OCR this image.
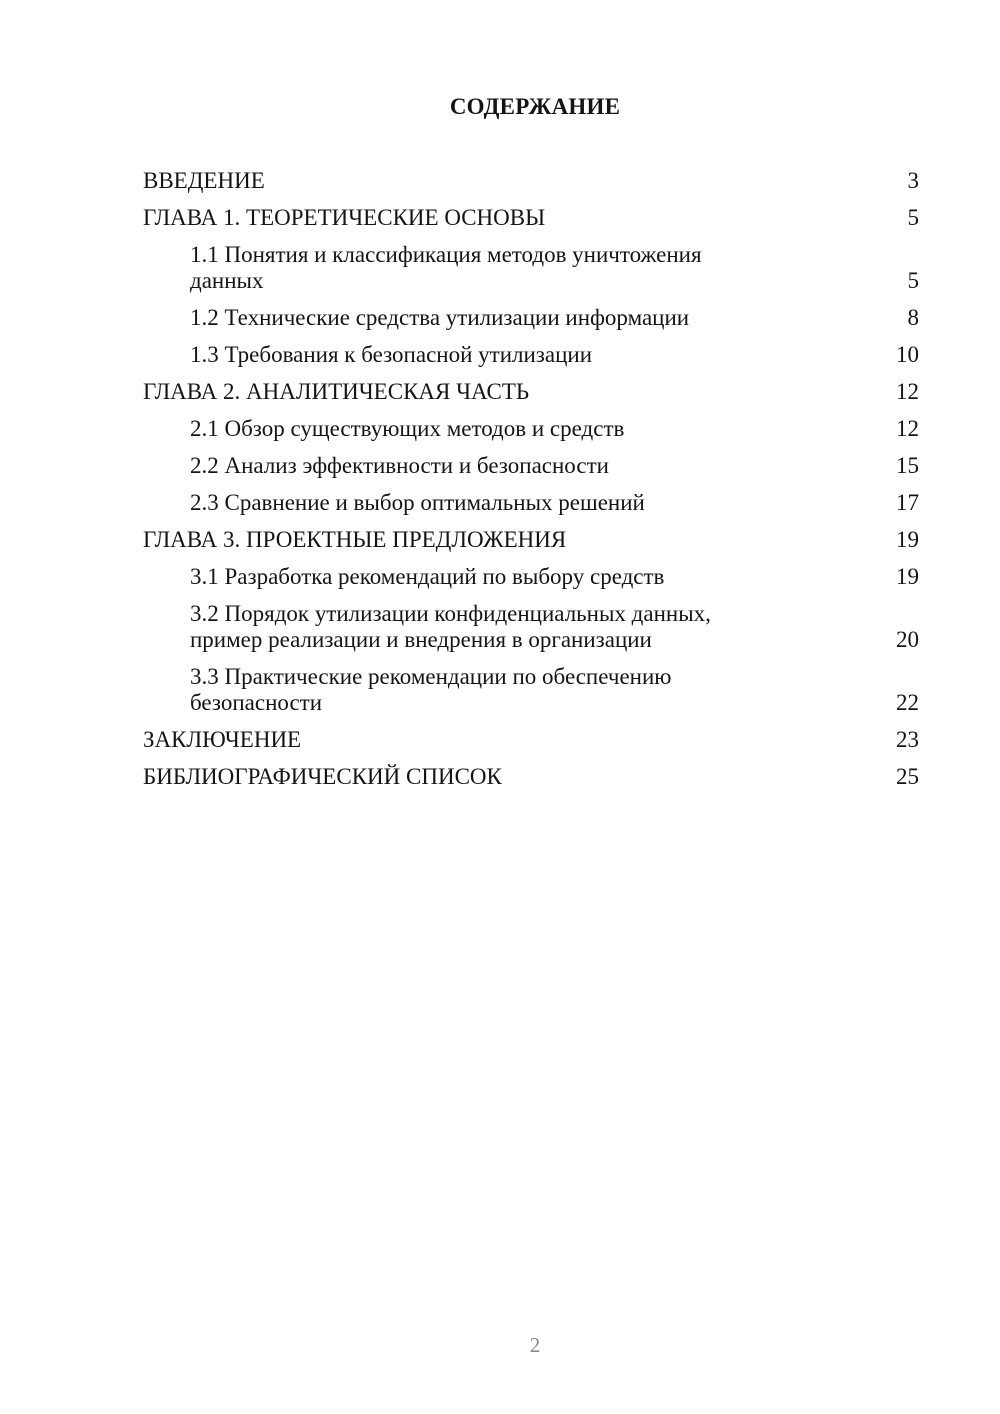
СОДЕРЖАНИЕ
ВВЕДЕНИЕ	3
ГЛАВА 1. ТЕОРЕТИЧЕСКИЕ ОСНОВЫ	5
1.1 Понятия и классификация методов уничтожения данных	5
1.2 Технические средства утилизации информации	8
1.3 Требования к безопасной утилизации	10
ГЛАВА 2. АНАЛИТИЧЕСКАЯ ЧАСТЬ	12
2.1 Обзор существующих методов и средств	12
2.2 Анализ эффективности и безопасности	15
2.3 Сравнение и выбор оптимальных решений	17
ГЛАВА 3. ПРОЕКТНЫЕ ПРЕДЛОЖЕНИЯ	19
3.1 Разработка рекомендаций по выбору средств	19
3.2 Порядок утилизации конфиденциальных данных, пример реализации и внедрения в организации	20
3.3 Практические рекомендации по обеспечению безопасности	22
ЗАКЛЮЧЕНИЕ	23
БИБЛИОГРАФИЧЕСКИЙ СПИСОК	25
2
